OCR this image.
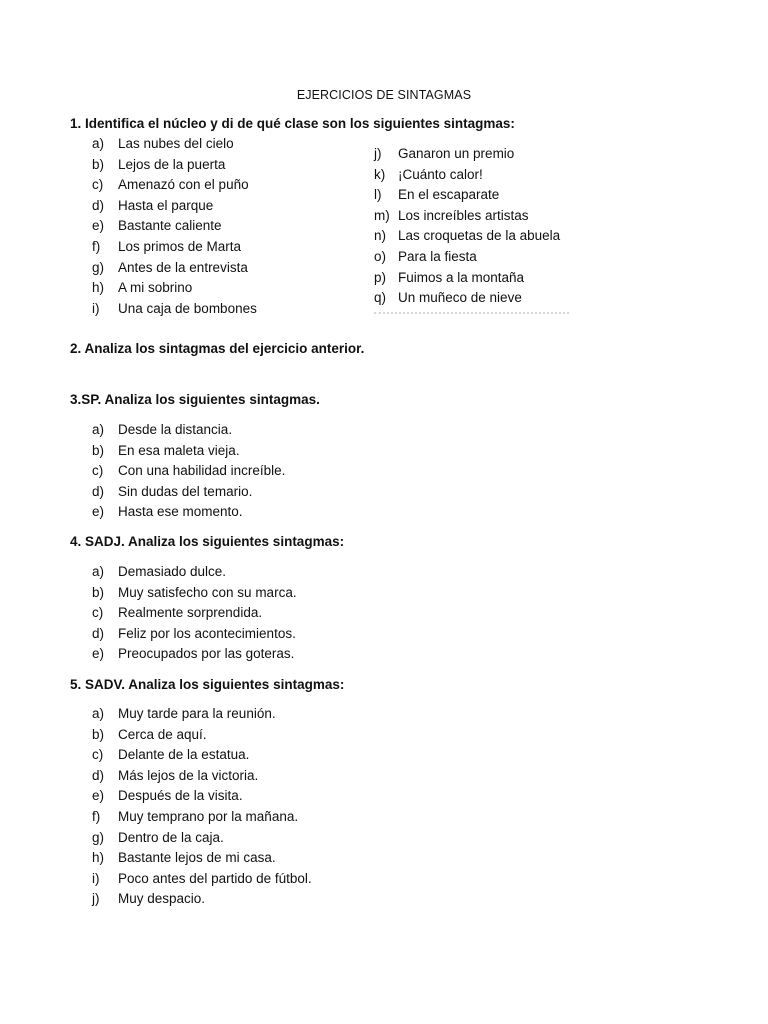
EJERCICIOS DE SINTAGMAS
1. Identifica el núcleo y di de qué clase son los siguientes sintagmas:
a) Las nubes del cielo
b) Lejos de la puerta
c) Amenazó con el puño
d) Hasta el parque
e) Bastante caliente
f) Los primos de Marta
g) Antes de la entrevista
h) A mi sobrino
i) Una caja de bombones
j) Ganaron un premio
k) ¡Cuánto calor!
l) En el escaparate
m) Los increíbles artistas
n) Las croquetas de la abuela
o) Para la fiesta
p) Fuimos a la montaña
q) Un muñeco de nieve
2. Analiza los sintagmas del ejercicio anterior.
3.SP. Analiza los siguientes sintagmas.
a) Desde la distancia.
b) En esa maleta vieja.
c) Con una habilidad increíble.
d) Sin dudas del temario.
e) Hasta ese momento.
4. SADJ. Analiza los siguientes sintagmas:
a) Demasiado dulce.
b) Muy satisfecho con su marca.
c) Realmente sorprendida.
d) Feliz por los acontecimientos.
e) Preocupados por las goteras.
5. SADV. Analiza los siguientes sintagmas:
a) Muy tarde para la reunión.
b) Cerca de aquí.
c) Delante de la estatua.
d) Más lejos de la victoria.
e) Después de la visita.
f) Muy temprano por la mañana.
g) Dentro de la caja.
h) Bastante lejos de mi casa.
i) Poco antes del partido de fútbol.
j) Muy despacio.
